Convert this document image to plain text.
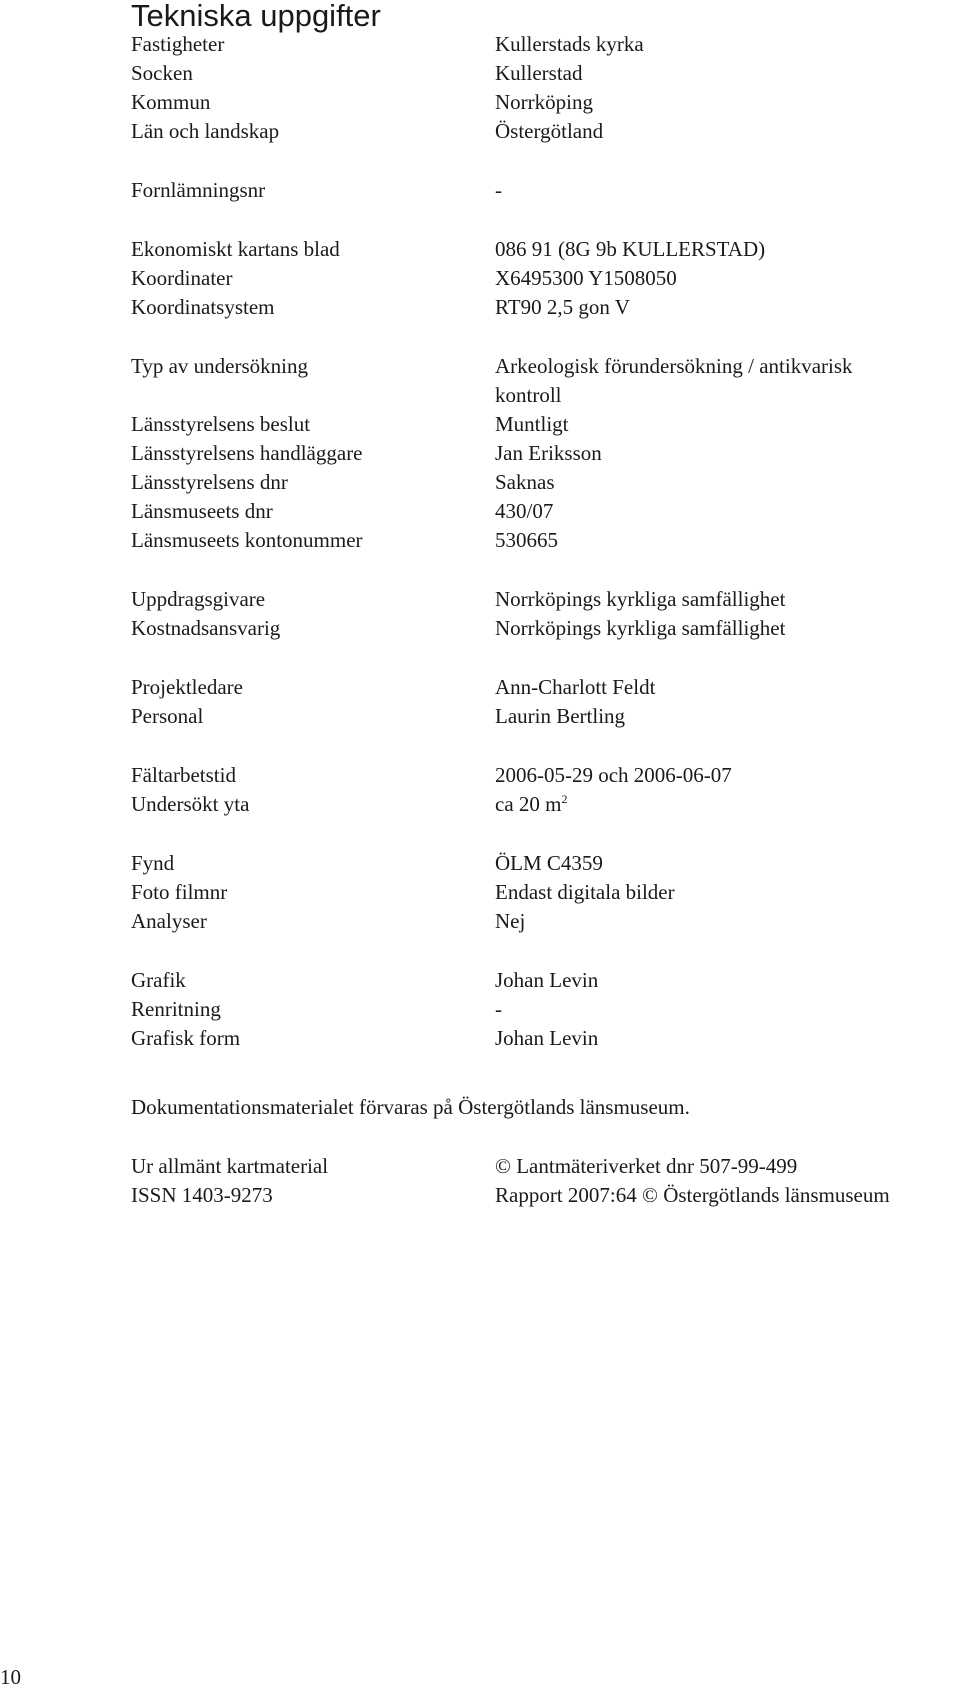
Tekniska uppgifter
Fastigheter	Kullerstads kyrka
Socken	Kullerstad
Kommun	Norrköping
Län och landskap	Östergötland
Fornlämningsnr	-
Ekonomiskt kartans blad	086 91 (8G 9b KULLERSTAD)
Koordinater	X6495300 Y1508050
Koordinatsystem	RT90 2,5 gon V
Typ av undersökning	Arkeologisk förundersökning / antikvarisk
kontroll
Länsstyrelsens beslut	Muntligt
Länsstyrelsens handläggare	Jan Eriksson
Länsstyrelsens dnr	Saknas
Länsmuseets dnr	430/07
Länsmuseets kontonummer	530665
Uppdragsgivare	Norrköpings kyrkliga samfällighet
Kostnadsansvarig	Norrköpings kyrkliga samfällighet
Projektledare	Ann-Charlott Feldt
Personal	Laurin Bertling
Fältarbetstid	2006-05-29 och 2006-06-07
Undersökt yta	ca 20 $m^2$
Fynd	ÖLM C4359
Foto filmnr	Endast digitala bilder
Analyser	Nej
Grafik	Johan Levin
Renritning	-
Grafisk form	Johan Levin
Dokumentationsmaterialet förvaras på Östergötlands länsmuseum.
Ur allmänt kartmaterial	© Lantmäteriverket dnr 507-99-499
ISSN 1403-9273	Rapport 2007:64 © Östergötlands länsmuseum
10
